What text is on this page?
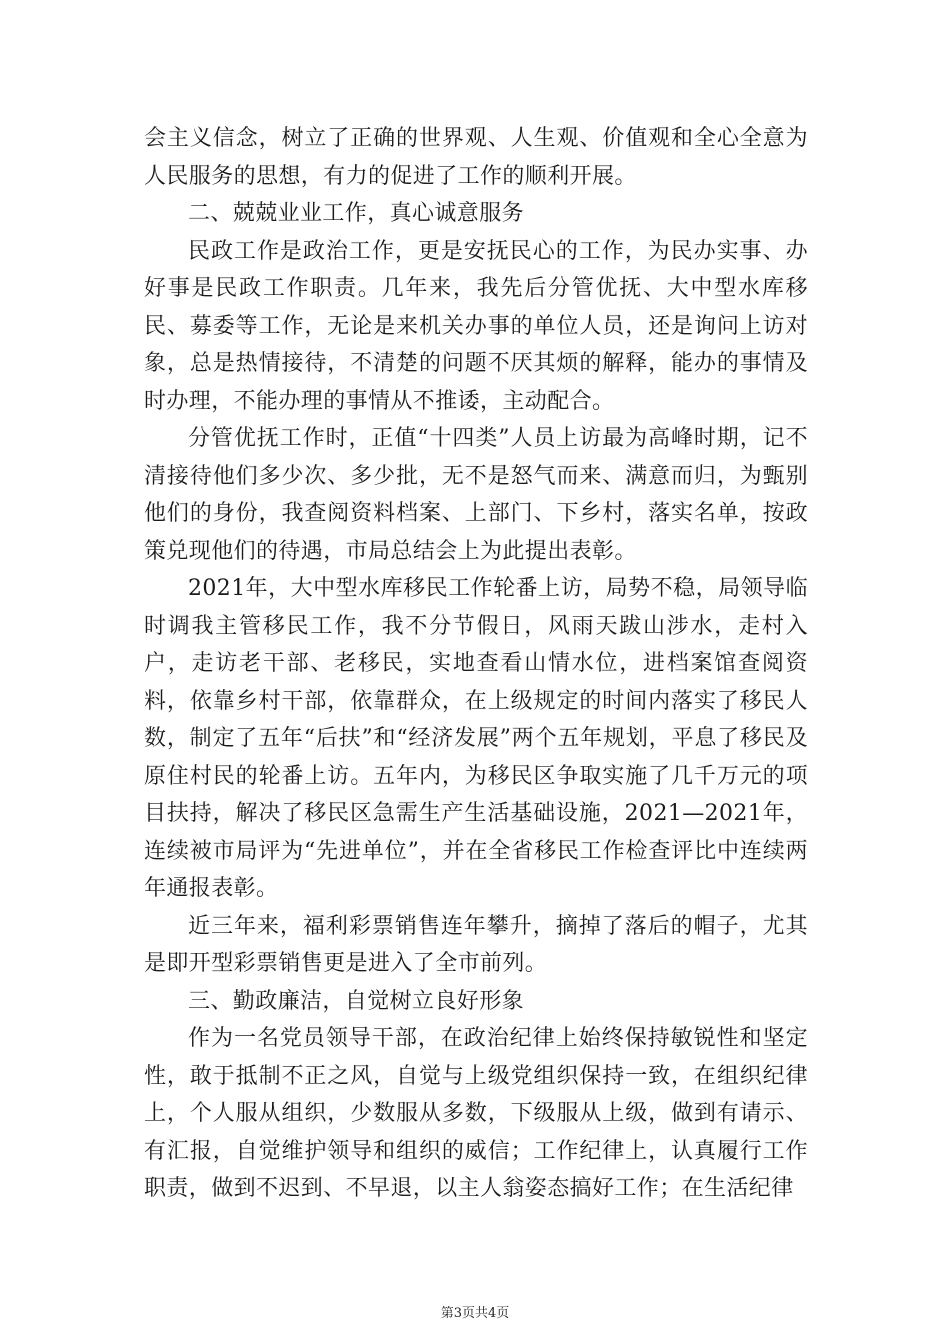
会主义信念，树立了正确的世界观、人生观、价值观和全心全意为人民服务的思想，有力的促进了工作的顺利开展。

二、兢兢业业工作，真心诚意服务

民政工作是政治工作，更是安抚民心的工作，为民办实事、办好事是民政工作职责。几年来，我先后分管优抚、大中型水库移民、募委等工作，无论是来机关办事的单位人员，还是询问上访对象，总是热情接待，不清楚的问题不厌其烦的解释，能办的事情及时办理，不能办理的事情从不推诿，主动配合。

分管优抚工作时，正值“十四类”人员上访最为高峰时期，记不清接待他们多少次、多少批，无不是怒气而来、满意而归，为甄别他们的身份，我查阅资料档案、上部门、下乡村，落实名单，按政策兑现他们的待遇，市局总结会上为此提出表彰。

2021年，大中型水库移民工作轮番上访，局势不稳，局领导临时调我主管移民工作，我不分节假日，风雨天跋山涉水，走村入户，走访老干部、老移民，实地查看山情水位，进档案馆查阅资料，依靠乡村干部，依靠群众，在上级规定的时间内落实了移民人数，制定了五年“后扶”和“经济发展”两个五年规划，平息了移民及原住村民的轮番上访。五年内，为移民区争取实施了几千万元的项目扶持，解决了移民区急需生产生活基础设施，2021—2021年，连续被市局评为“先进单位”，并在全省移民工作检查评比中连续两年通报表彰。

近三年来，福利彩票销售连年攀升，摘掉了落后的帽子，尤其是即开型彩票销售更是进入了全市前列。

三、勤政廉洁，自觉树立良好形象

作为一名党员领导干部，在政治纪律上始终保持敏锐性和坚定性，敢于抵制不正之风，自觉与上级党组织保持一致，在组织纪律上，个人服从组织，少数服从多数，下级服从上级，做到有请示、有汇报，自觉维护领导和组织的威信；工作纪律上，认真履行工作职责，做到不迟到、不早退，以主人翁姿态搞好工作；在生活纪律

第3页共4页
